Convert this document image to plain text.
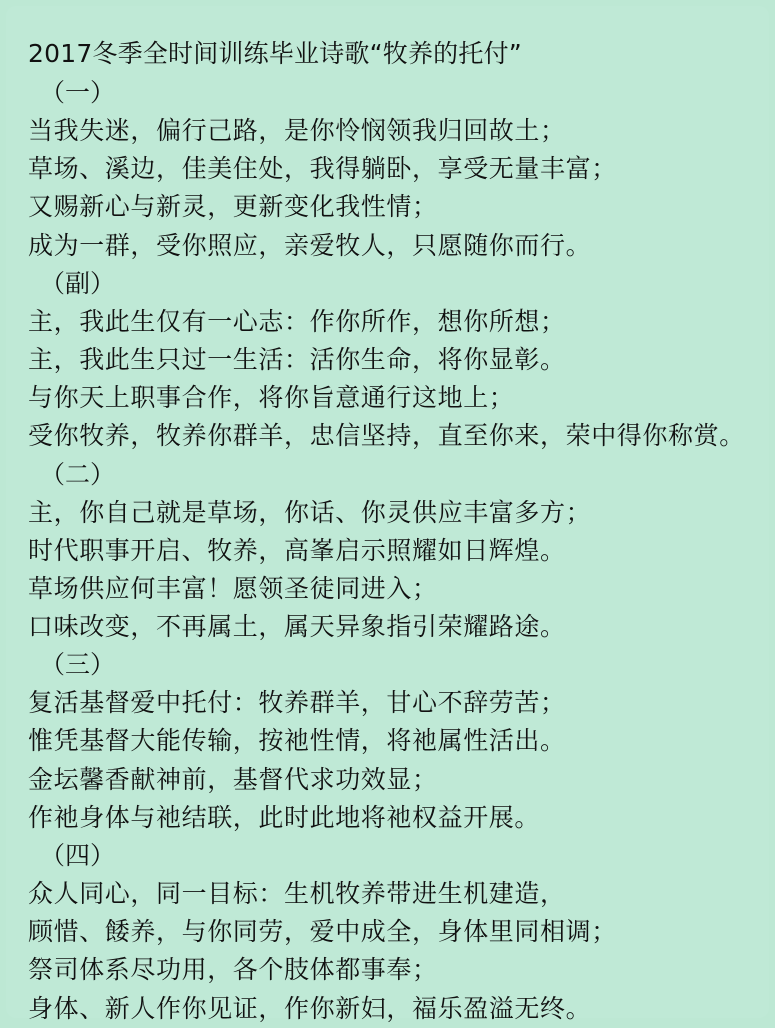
2017冬季全时间训练毕业诗歌“牧养的托付”
（一）
当我失迷，偏行己路，是你怜悯领我归回故土；
草场、溪边，佳美住处，我得躺卧，享受无量丰富；
又赐新心与新灵，更新变化我性情；
成为一群，受你照应，亲爱牧人，只愿随你而行。
（副）
主，我此生仅有一心志：作你所作，想你所想；
主，我此生只过一生活：活你生命，将你显彰。
与你天上职事合作，将你旨意通行这地上；
受你牧养，牧养你群羊，忠信坚持，直至你来，荣中得你称赏。
（二）
主，你自己就是草场，你话、你灵供应丰富多方；
时代职事开启、牧养，高峯启示照耀如日辉煌。
草场供应何丰富！愿领圣徒同进入；
口味改变，不再属土，属天异象指引荣耀路途。
（三）
复活基督爱中托付：牧养群羊，甘心不辞劳苦；
惟凭基督大能传输，按祂性情，将祂属性活出。
金坛馨香献神前，基督代求功效显；
作祂身体与祂结联，此时此地将祂权益开展。
（四）
众人同心，同一目标：生机牧养带进生机建造，
顾惜、餧养，与你同劳，爱中成全，身体里同相调；
祭司体系尽功用，各个肢体都事奉；
身体、新人作你见证，作你新妇，福乐盈溢无终。
